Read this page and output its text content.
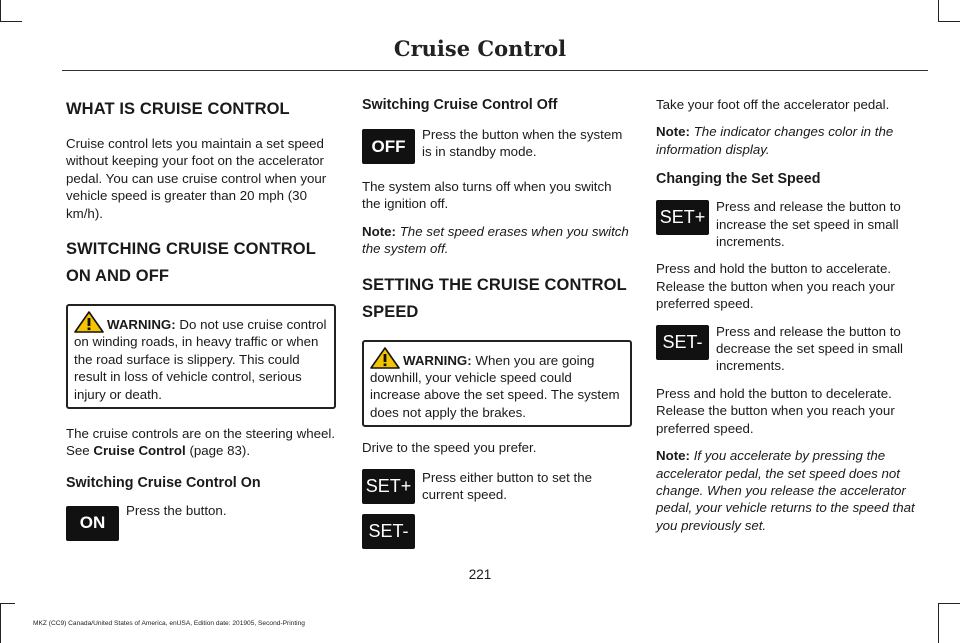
Cruise Control
WHAT IS CRUISE CONTROL

Cruise control lets you maintain a set speed without keeping your foot on the accelerator pedal. You can use cruise control when your vehicle speed is greater than 20 mph (30 km/h).

SWITCHING CRUISE CONTROL ON AND OFF

WARNING: Do not use cruise control on winding roads, in heavy traffic or when the road surface is slippery. This could result in loss of vehicle control, serious injury or death.

The cruise controls are on the steering wheel. See Cruise Control (page 83).

Switching Cruise Control On
ON

Press the button.

Switching Cruise Control Off
OFF

Press the button when the system is in standby mode.

The system also turns off when you switch the ignition off.

Note: The set speed erases when you switch the system off.

SETTING THE CRUISE CONTROL SPEED

WARNING: When you are going downhill, your vehicle speed could increase above the set speed. The system does not apply the brakes.

Drive to the speed you prefer.

SET+
SET-

Press either button to set the current speed.

Take your foot off the accelerator pedal.

Note: The indicator changes color in the information display.

Changing the Set Speed
SET+

Press and release the button to increase the set speed in small increments.

Press and hold the button to accelerate. Release the button when you reach your preferred speed.

SET-

Press and release the button to decrease the set speed in small increments.

Press and hold the button to decelerate. Release the button when you reach your preferred speed.

Note: If you accelerate by pressing the accelerator pedal, the set speed does not change. When you release the accelerator pedal, your vehicle returns to the speed that you previously set.

221
MKZ (CC9) Canada/United States of America, enUSA, Edition date: 201905, Second-Printing
